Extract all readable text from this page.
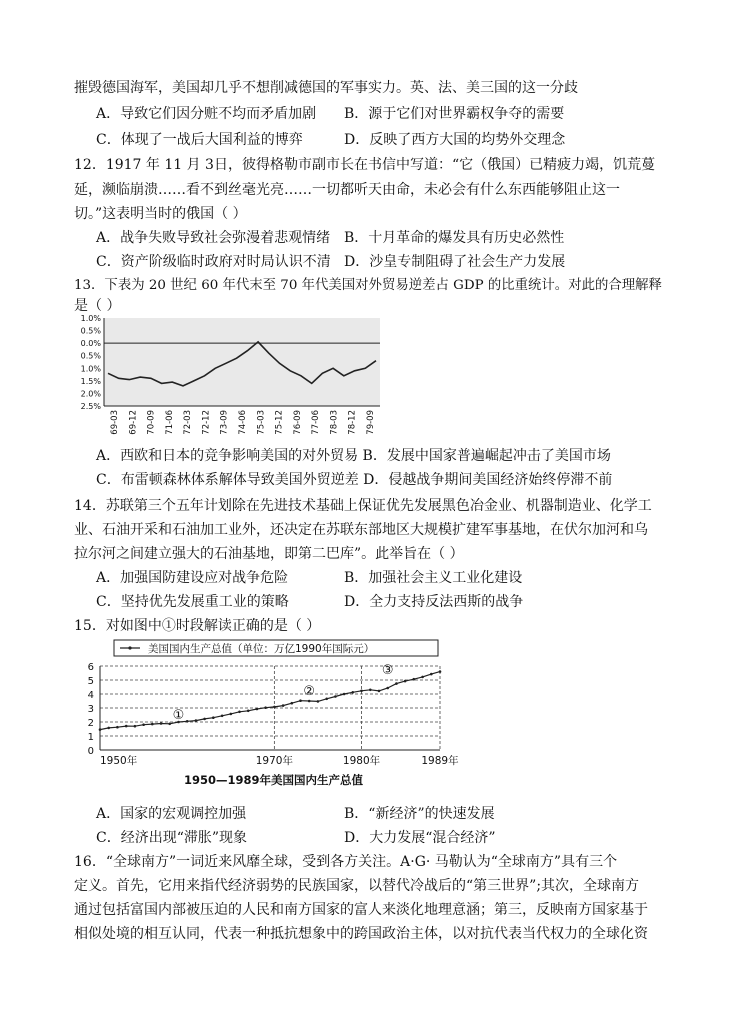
摧毁德国海军，美国却几乎不想削减德国的军事实力。英、法、美三国的这一分歧
A．导致它们因分赃不均而矛盾加剧 B．源于它们对世界霸权争夺的需要
C．体现了一战后大国利益的博弈	D．反映了西方大国的均势外交理念
12．1917 年 11 月 3日，彼得格勒市副市长在书信中写道：“它（俄国）已精疲力竭，饥荒蔓
延，濒临崩溃……看不到丝毫光亮……一切都听天由命，未必会有什么东西能够阻止这一
切。”这表明当时的俄国（ ）
A．战争失败导致社会弥漫着悲观情绪 B．十月革命的爆发具有历史必然性
C．资产阶级临时政府对时局认识不清 D．沙皇专制阻碍了社会生产力发展
13．下表为 20 世纪 60 年代末至 70 年代美国对外贸易逆差占 GDP 的比重统计。对此的合理解释
是（ ）
1.0%
0.5%
0.0%
0.5%
1.0%
1.5%
2.0%
2.5%
69-03 69-12 70-09 71-06 72-03 72-12 73-09 74-06 75-03 75-12 76-09 77-06 78-03 78-12 79-09
A．西欧和日本的竞争影响美国的对外贸易 B．发展中国家普遍崛起冲击了美国市场
C．布雷顿森林体系解体导致美国外贸逆差 D．侵越战争期间美国经济始终停滞不前
14．苏联第三个五年计划除在先进技术基础上保证优先发展黑色冶金业、机器制造业、化学工
业、石油开采和石油加工业外，还决定在苏联东部地区大规模扩建军事基地，在伏尔加河和乌
拉尔河之间建立强大的石油基地，即第二巴库”。此举旨在（ ）
A．加强国防建设应对战争危险	B．加强社会主义工业化建设
C．坚持优先发展重工业的策略	D．全力支持反法西斯的战争
15．对如图中①时段解读正确的是（ ）
美国国内生产总值（单位：万亿1990年国际元）
0
1
2
3
4
5
6
①
②
③
1950年	1970年	1980年	1989年
1950—1989年美国国内生产总值
A．国家的宏观调控加强	B．“新经济”的快速发展
C．经济出现“滞胀”现象	D．大力发展“混合经济”
16．“全球南方”一词近来风靡全球，受到各方关注。A·G· 马勒认为“全球南方”具有三个
定义。首先，它用来指代经济弱势的民族国家，以替代冷战后的“第三世界”;其次，全球南方
通过包括富国内部被压迫的人民和南方国家的富人来淡化地理意涵；第三，反映南方国家基于
相似处境的相互认同，代表一种抵抗想象中的跨国政治主体，以对抗代表当代权力的全球化资
